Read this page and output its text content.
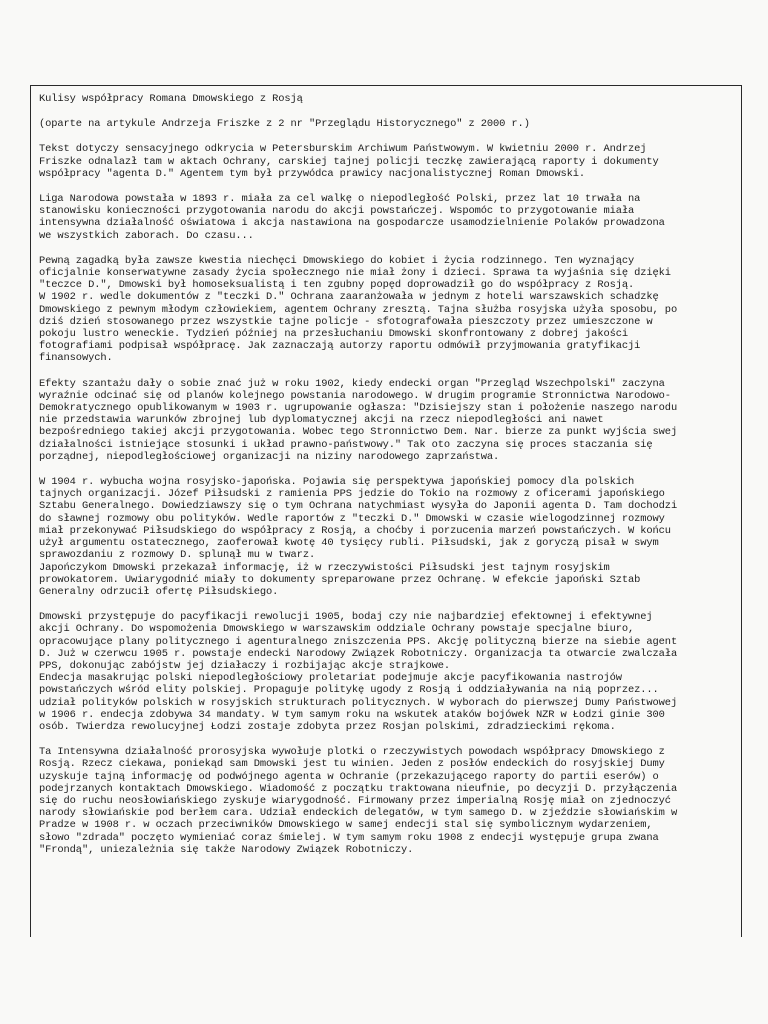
Kulisy współpracy Romana Dmowskiego z Rosją

(oparte na artykule Andrzeja Friszke z 2 nr "Przeglądu Historycznego" z 2000 r.)

Tekst dotyczy sensacyjnego odkrycia w Petersburskim Archiwum Państwowym. W kwietniu 2000 r. Andrzej
Friszke odnalazł tam w aktach Ochrany, carskiej tajnej policji teczkę zawierającą raporty i dokumenty
współpracy "agenta D." Agentem tym był przywódca prawicy nacjonalistycznej Roman Dmowski.

Liga Narodowa powstała w 1893 r. miała za cel walkę o niepodległość Polski, przez lat 10 trwała na
stanowisku konieczności przygotowania narodu do akcji powstańczej. Wspomóc to przygotowanie miała
intensywna działalność oświatowa i akcja nastawiona na gospodarcze usamodzielnienie Polaków prowadzona
we wszystkich zaborach. Do czasu...

Pewną zagadką była zawsze kwestia niechęci Dmowskiego do kobiet i życia rodzinnego. Ten wyznający
oficjalnie konserwatywne zasady życia społecznego nie miał żony i dzieci. Sprawa ta wyjaśnia się dzięki
"teczce D.", Dmowski był homoseksualistą i ten zgubny popęd doprowadził go do współpracy z Rosją.
W 1902 r. wedle dokumentów z "teczki D." Ochrana zaaranżowała w jednym z hoteli warszawskich schadzkę
Dmowskiego z pewnym młodym człowiekiem, agentem Ochrany zresztą. Tajna służba rosyjska użyła sposobu, po
dziś dzień stosowanego przez wszystkie tajne policje - sfotografowała pieszczoty przez umieszczone w
pokoju lustro weneckie. Tydzień później na przesłuchaniu Dmowski skonfrontowany z dobrej jakości
fotografiami podpisał współpracę. Jak zaznaczają autorzy raportu odmówił przyjmowania gratyfikacji
finansowych.

Efekty szantażu dały o sobie znać już w roku 1902, kiedy endecki organ "Przegląd Wszechpolski" zaczyna
wyraźnie odcinać się od planów kolejnego powstania narodowego. W drugim programie Stronnictwa Narodowo-
Demokratycznego opublikowanym w 1903 r. ugrupowanie ogłasza: "Dzisiejszy stan i położenie naszego narodu
nie przedstawia warunków zbrojnej lub dyplomatycznej akcji na rzecz niepodległości ani nawet
bezpośredniego takiej akcji przygotowania. Wobec tego Stronnictwo Dem. Nar. bierze za punkt wyjścia swej
działalności istniejące stosunki i układ prawno-państwowy." Tak oto zaczyna się proces staczania się
porządnej, niepodległościowej organizacji na niziny narodowego zaprzaństwa.

W 1904 r. wybucha wojna rosyjsko-japońska. Pojawia się perspektywa japońskiej pomocy dla polskich
tajnych organizacji. Józef Piłsudski z ramienia PPS jedzie do Tokio na rozmowy z oficerami japońskiego
Sztabu Generalnego. Dowiedziawszy się o tym Ochrana natychmiast wysyła do Japonii agenta D. Tam dochodzi
do sławnej rozmowy obu polityków. Wedle raportów z "teczki D." Dmowski w czasie wielogodzinnej rozmowy
miał przekonywać Piłsudskiego do współpracy z Rosją, a choćby i porzucenia marzeń powstańczych. W końcu
użył argumentu ostatecznego, zaoferował kwotę 40 tysięcy rubli. Piłsudski, jak z goryczą pisał w swym
sprawozdaniu z rozmowy D. splunął mu w twarz.
Japończykom Dmowski przekazał informację, iż w rzeczywistości Piłsudski jest tajnym rosyjskim
prowokatorem. Uwiarygodnić miały to dokumenty spreparowane przez Ochranę. W efekcie japoński Sztab
Generalny odrzucił ofertę Piłsudskiego.

Dmowski przystępuje do pacyfikacji rewolucji 1905, bodaj czy nie najbardziej efektownej i efektywnej
akcji Ochrany. Do wspomożenia Dmowskiego w warszawskim oddziale Ochrany powstaje specjalne biuro,
opracowujące plany politycznego i agenturalnego zniszczenia PPS. Akcję polityczną bierze na siebie agent
D. Już w czerwcu 1905 r. powstaje endecki Narodowy Związek Robotniczy. Organizacja ta otwarcie zwalczała
PPS, dokonując zabójstw jej działaczy i rozbijając akcje strajkowe.
Endecja masakrując polski niepodległościowy proletariat podejmuje akcje pacyfikowania nastrojów
powstańczych wśród elity polskiej. Propaguje politykę ugody z Rosją i oddziaływania na nią poprzez...
udział polityków polskich w rosyjskich strukturach politycznych. W wyborach do pierwszej Dumy Państwowej
w 1906 r. endecja zdobywa 34 mandaty. W tym samym roku na wskutek ataków bojówek NZR w Łodzi ginie 300
osób. Twierdza rewolucyjnej Łodzi zostaje zdobyta przez Rosjan polskimi, zdradzieckimi rękoma.

Ta Intensywna działalność prorosyjska wywołuje plotki o rzeczywistych powodach współpracy Dmowskiego z
Rosją. Rzecz ciekawa, poniekąd sam Dmowski jest tu winien. Jeden z posłów endeckich do rosyjskiej Dumy
uzyskuje tajną informację od podwójnego agenta w Ochranie (przekazującego raporty do partii eserów) o
podejrzanych kontaktach Dmowskiego. Wiadomość z początku traktowana nieufnie, po decyzji D. przyłączenia
się do ruchu neosłowiańskiego zyskuje wiarygodność. Firmowany przez imperialną Rosję miał on zjednoczyć
narody słowiańskie pod berłem cara. Udział endeckich delegatów, w tym samego D. w zjeździe słowiańskim w
Pradze w 1908 r. w oczach przeciwników Dmowskiego w samej endecji stal się symbolicznym wydarzeniem,
słowo "zdrada" poczęto wymieniać coraz śmielej. W tym samym roku 1908 z endecji występuje grupa zwana
"Frondą", uniezależnia się także Narodowy Związek Robotniczy.
